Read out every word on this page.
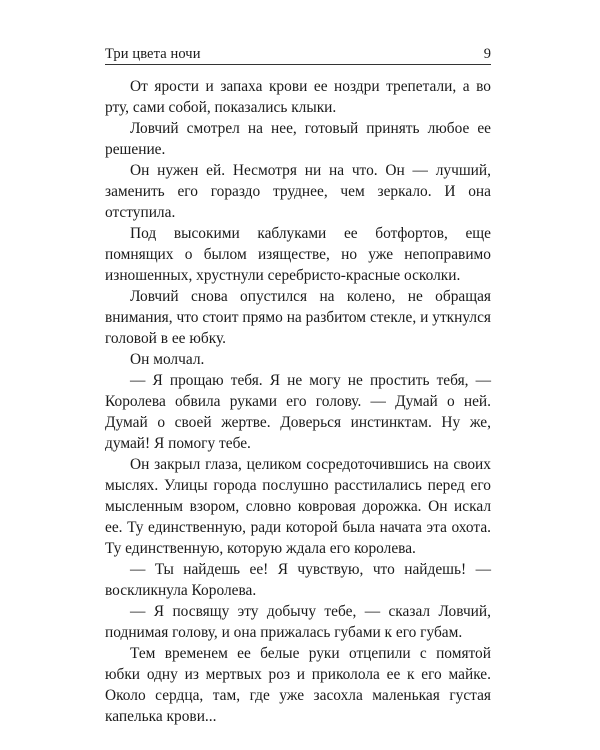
Три цвета ночи	9

От ярости и запаха крови ее ноздри трепетали, а во рту, сами собой, показались клыки.

Ловчий смотрел на нее, готовый принять любое ее решение.

Он нужен ей. Несмотря ни на что. Он — лучший, заменить его гораздо труднее, чем зеркало. И она отступила.

Под высокими каблуками ее ботфортов, еще помнящих о былом изяществе, но уже непоправимо изношенных, хрустнули серебристо-красные осколки.

Ловчий снова опустился на колено, не обращая внимания, что стоит прямо на разбитом стекле, и уткнулся головой в ее юбку.

Он молчал.

— Я прощаю тебя. Я не могу не простить тебя, — Королева обвила руками его голову. — Думай о ней. Думай о своей жертве. Доверься инстинктам. Ну же, думай! Я помогу тебе.

Он закрыл глаза, целиком сосредоточившись на своих мыслях. Улицы города послушно расстилались перед его мысленным взором, словно ковровая дорожка. Он искал ее. Ту единственную, ради которой была начата эта охота. Ту единственную, которую ждала его королева.

— Ты найдешь ее! Я чувствую, что найдешь! — воскликнула Королева.

— Я посвящу эту добычу тебе, — сказал Ловчий, поднимая голову, и она прижалась губами к его губам.

Тем временем ее белые руки отцепили с помятой юбки одну из мертвых роз и приколола ее к его майке. Около сердца, там, где уже засохла маленькая густая капелька крови...
